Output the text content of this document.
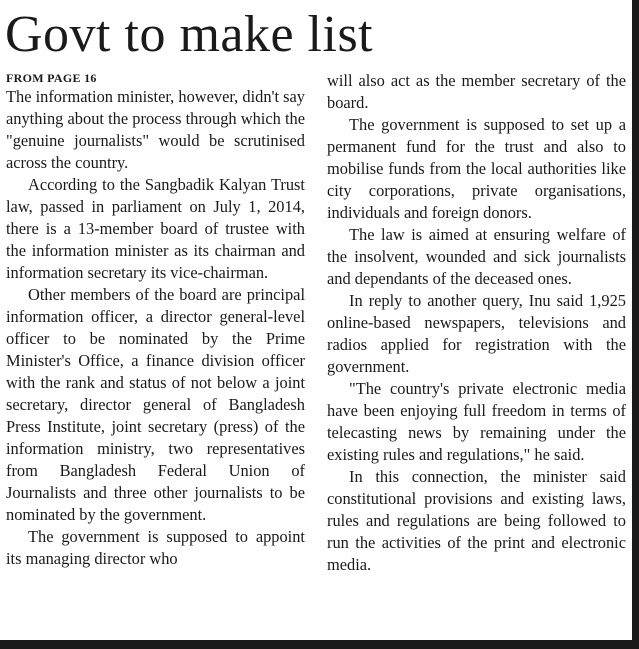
Govt to make list
FROM PAGE 16

The information minister, however, didn't say anything about the process through which the "genuine journalists" would be scrutinised across the country.

According to the Sangbadik Kalyan Trust law, passed in parliament on July 1, 2014, there is a 13-member board of trustee with the information minister as its chairman and information secretary its vice-chairman.

Other members of the board are principal information officer, a director general-level officer to be nominated by the Prime Minister's Office, a finance division officer with the rank and status of not below a joint secretary, director general of Bangladesh Press Institute, joint secretary (press) of the information ministry, two representatives from Bangladesh Federal Union of Journalists and three other journalists to be nominated by the government.

The government is supposed to appoint its managing director who

will also act as the member secretary of the board.

The government is supposed to set up a permanent fund for the trust and also to mobilise funds from the local authorities like city corporations, private organisations, individuals and foreign donors.

The law is aimed at ensuring welfare of the insolvent, wounded and sick journalists and dependants of the deceased ones.

In reply to another query, Inu said 1,925 online-based newspapers, televisions and radios applied for registration with the government.

"The country's private electronic media have been enjoying full freedom in terms of telecasting news by remaining under the existing rules and regulations," he said.

In this connection, the minister said constitutional provisions and existing laws, rules and regulations are being followed to run the activities of the print and electronic media.
